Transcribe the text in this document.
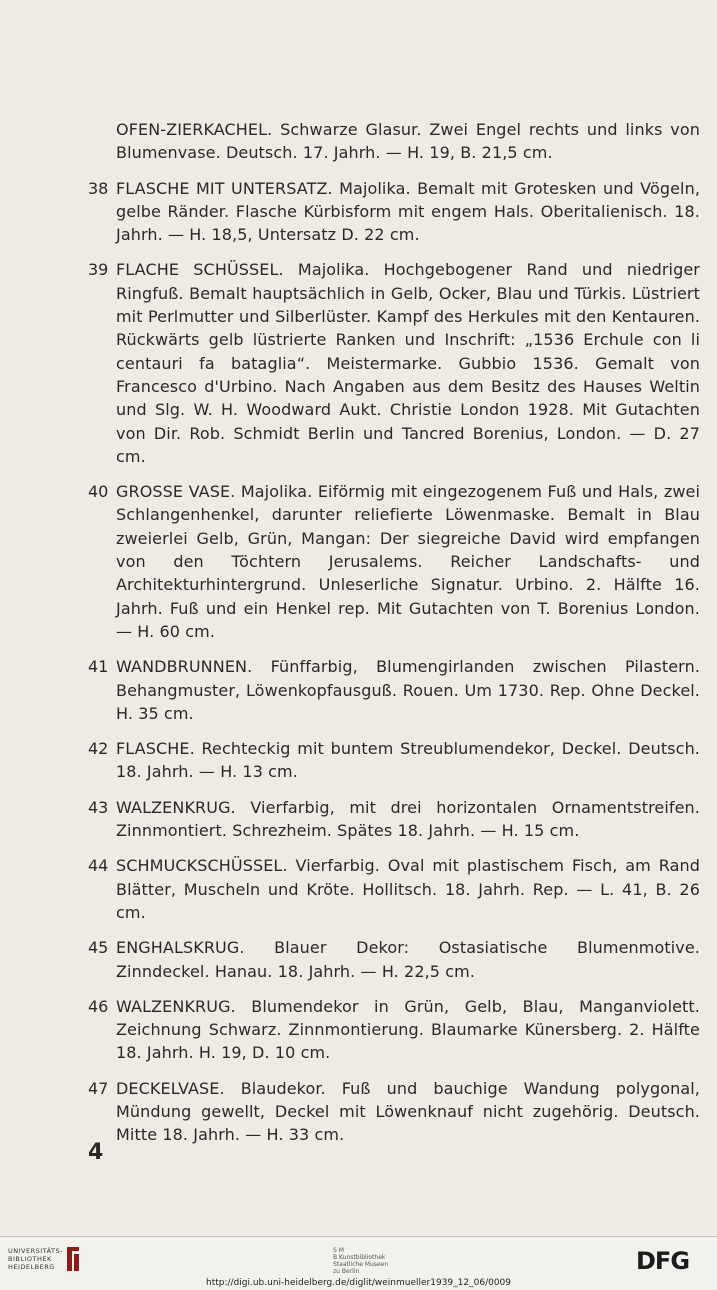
OFEN-ZIERKACHEL. Schwarze Glasur. Zwei Engel rechts und links von Blumenvase. Deutsch. 17. Jahrh. — H. 19, B. 21,5 cm.
38 FLASCHE MIT UNTERSATZ. Majolika. Bemalt mit Grotesken und Vögeln, gelbe Ränder. Flasche Kürbisform mit engem Hals. Oberitalienisch. 18. Jahrh. — H. 18,5, Untersatz D. 22 cm.
39 FLACHE SCHÜSSEL. Majolika. Hochgebogener Rand und niedriger Ringfuß. Bemalt hauptsächlich in Gelb, Ocker, Blau und Türkis. Lüstriert mit Perlmutter und Silberlüster. Kampf des Herkules mit den Kentauren. Rückwärts gelb lüstrierte Ranken und Inschrift: „1536 Erchule con li centauri fa bataglia“. Meistermarke. Gubbio 1536. Gemalt von Francesco d'Urbino. Nach Angaben aus dem Besitz des Hauses Weltin und Slg. W. H. Woodward Aukt. Christie London 1928. Mit Gutachten von Dir. Rob. Schmidt Berlin und Tancred Borenius, London. — D. 27 cm.
40 GROSSE VASE. Majolika. Eiförmig mit eingezogenem Fuß und Hals, zwei Schlangenhenkel, darunter reliefierte Löwenmaske. Bemalt in Blau zweierlei Gelb, Grün, Mangan: Der siegreiche David wird empfangen von den Töchtern Jerusalems. Reicher Landschafts- und Architekturhintergrund. Unleserliche Signatur. Urbino. 2. Hälfte 16. Jahrh. Fuß und ein Henkel rep. Mit Gutachten von T. Borenius London. — H. 60 cm.
41 WANDBRUNNEN. Fünffarbig, Blumengirlanden zwischen Pilastern. Behangmuster, Löwenkopfausguß. Rouen. Um 1730. Rep. Ohne Deckel. H. 35 cm.
42 FLASCHE. Rechteckig mit buntem Streublumendekor, Deckel. Deutsch. 18. Jahrh. — H. 13 cm.
43 WALZENKRUG. Vierfarbig, mit drei horizontalen Ornamentstreifen. Zinnmontiert. Schrezheim. Spätes 18. Jahrh. — H. 15 cm.
44 SCHMUCKSCHÜSSEL. Vierfarbig. Oval mit plastischem Fisch, am Rand Blätter, Muscheln und Kröte. Hollitsch. 18. Jahrh. Rep. — L. 41, B. 26 cm.
45 ENGHALSKRUG. Blauer Dekor: Ostasiatische Blumenmotive. Zinndeckel. Hanau. 18. Jahrh. — H. 22,5 cm.
46 WALZENKRUG. Blumendekor in Grün, Gelb, Blau, Manganviolett. Zeichnung Schwarz. Zinnmontierung. Blaumarke Künersberg. 2. Hälfte 18. Jahrh. H. 19, D. 10 cm.
47 DECKELVASE. Blaudekor. Fuß und bauchige Wandung polygonal, Mündung gewellt, Deckel mit Löwenknauf nicht zugehörig. Deutsch. Mitte 18. Jahrh. — H. 33 cm.
4
UNIVERSITÄTS-
BIBLIOTHEK
HEIDELBERG
S M
B Kunstbibliothek
Staatliche Museen
zu Berlin	DFG
http://digi.ub.uni-heidelberg.de/diglit/weinmueller1939_12_06/0009
